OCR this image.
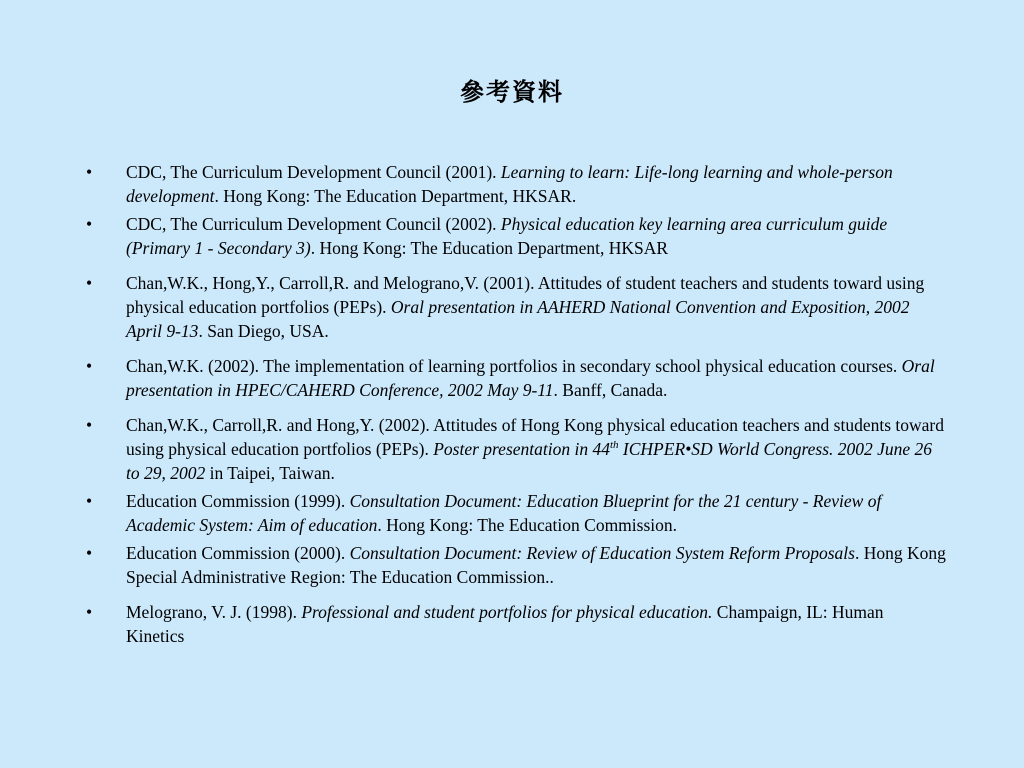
參考資料
•	CDC, The Curriculum Development Council (2001). Learning to learn: Life-long learning and whole-person development. Hong Kong: The Education Department, HKSAR.
•	CDC, The Curriculum Development Council (2002). Physical education key learning area curriculum guide (Primary 1 - Secondary 3). Hong Kong: The Education Department, HKSAR
•	Chan,W.K., Hong,Y., Carroll,R. and Melograno,V. (2001). Attitudes of student teachers and students toward using physical education portfolios (PEPs). Oral presentation in AAHERD National Convention and Exposition, 2002 April 9-13. San Diego, USA.
•	Chan,W.K. (2002). The implementation of learning portfolios in secondary school physical education courses. Oral presentation in HPEC/CAHERD Conference, 2002 May 9-11. Banff, Canada.
•	Chan,W.K., Carroll,R. and Hong,Y. (2002). Attitudes of Hong Kong physical education teachers and students toward using physical education portfolios (PEPs). Poster presentation in 44th ICHPER•SD World Congress. 2002 June 26 to 29, 2002 in Taipei, Taiwan.
•	Education Commission (1999). Consultation Document: Education Blueprint for the 21 century - Review of Academic System: Aim of education. Hong Kong: The Education Commission.
•	Education Commission (2000). Consultation Document: Review of Education System Reform Proposals. Hong Kong Special Administrative Region: The Education Commission..
•	Melograno, V. J. (1998). Professional and student portfolios for physical education. Champaign, IL: Human Kinetics
